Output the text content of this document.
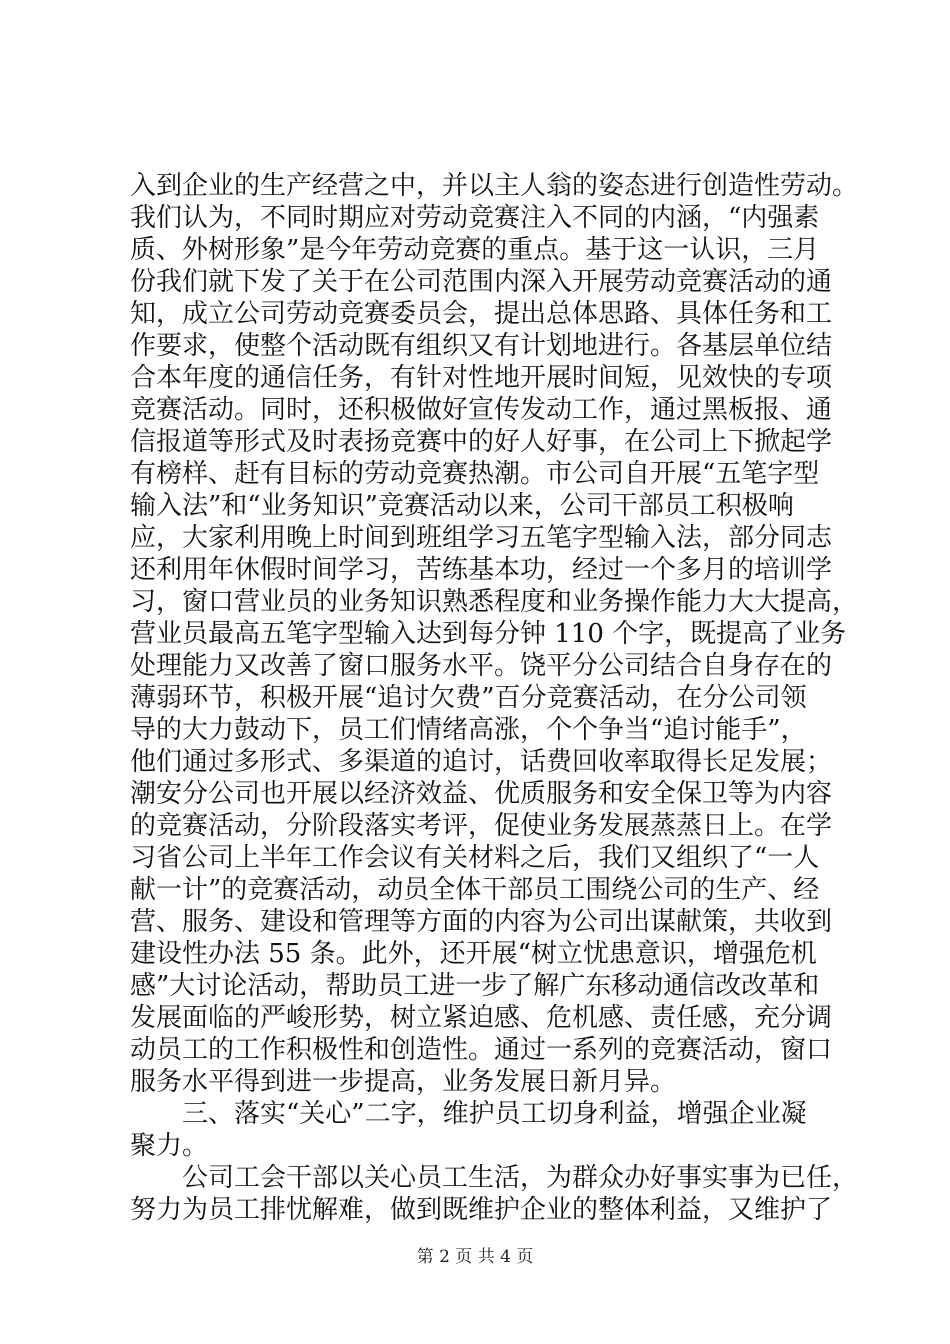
入到企业的生产经营之中，并以主人翁的姿态进行创造性劳动。
我们认为，不同时期应对劳动竞赛注入不同的内涵，“内强素
质、外树形象”是今年劳动竞赛的重点。基于这一认识，三月
份我们就下发了关于在公司范围内深入开展劳动竞赛活动的通
知，成立公司劳动竞赛委员会，提出总体思路、具体任务和工
作要求，使整个活动既有组织又有计划地进行。各基层单位结
合本年度的通信任务，有针对性地开展时间短，见效快的专项
竞赛活动。同时，还积极做好宣传发动工作，通过黑板报、通
信报道等形式及时表扬竞赛中的好人好事，在公司上下掀起学
有榜样、赶有目标的劳动竞赛热潮。市公司自开展“五笔字型
输入法”和“业务知识”竞赛活动以来，公司干部员工积极响
应，大家利用晚上时间到班组学习五笔字型输入法，部分同志
还利用年休假时间学习，苦练基本功，经过一个多月的培训学
习，窗口营业员的业务知识熟悉程度和业务操作能力大大提高，
营业员最高五笔字型输入达到每分钟 110 个字，既提高了业务
处理能力又改善了窗口服务水平。饶平分公司结合自身存在的
薄弱环节，积极开展“追讨欠费”百分竞赛活动，在分公司领
导的大力鼓动下，员工们情绪高涨，个个争当“追讨能手”，
他们通过多形式、多渠道的追讨，话费回收率取得长足发展；
潮安分公司也开展以经济效益、优质服务和安全保卫等为内容
的竞赛活动，分阶段落实考评，促使业务发展蒸蒸日上。在学
习省公司上半年工作会议有关材料之后，我们又组织了“一人
献一计”的竞赛活动，动员全体干部员工围绕公司的生产、经
营、服务、建设和管理等方面的内容为公司出谋献策，共收到
建设性办法 55 条。此外，还开展“树立忧患意识，增强危机
感”大讨论活动，帮助员工进一步了解广东移动通信改改革和
发展面临的严峻形势，树立紧迫感、危机感、责任感，充分调
动员工的工作积极性和创造性。通过一系列的竞赛活动，窗口
服务水平得到进一步提高，业务发展日新月异。
三、落实“关心”二字，维护员工切身利益，增强企业凝
聚力。
公司工会干部以关心员工生活，为群众办好事实事为已任，
努力为员工排忧解难，做到既维护企业的整体利益，又维护了
第 2 页 共 4 页
